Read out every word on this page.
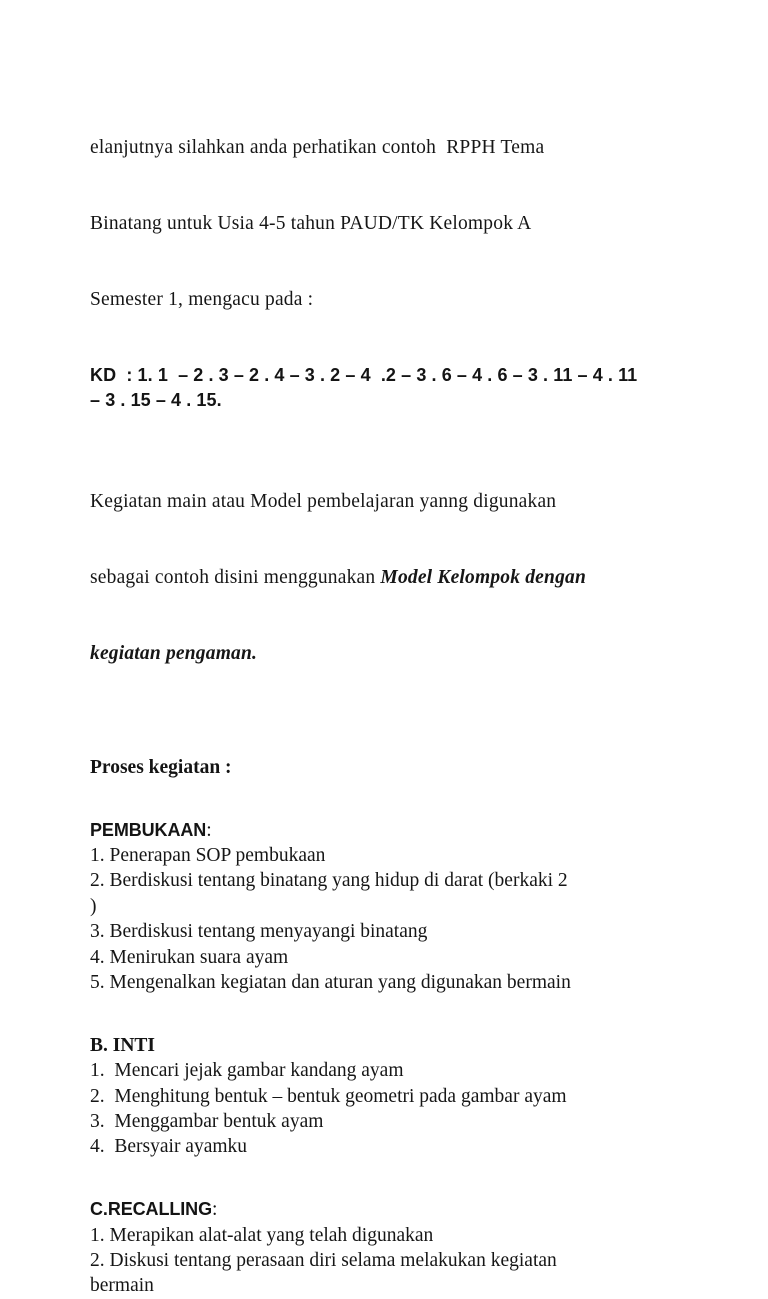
elanjutnya silahkan anda perhatikan contoh  RPPH Tema

Binatang untuk Usia 4-5 tahun PAUD/TK Kelompok A

Semester 1, mengacu pada :

KD  : 1. 1  – 2 . 3 – 2 . 4 – 3 . 2 – 4  .2 – 3 . 6 – 4 . 6 – 3 . 11 – 4 . 11
– 3 . 15 – 4 . 15.

Kegiatan main atau Model pembelajaran yanng digunakan

sebagai contoh disini menggunakan Model Kelompok dengan

kegiatan pengaman.

Proses kegiatan :
PEMBUKAAN:
1. Penerapan SOP pembukaan
2. Berdiskusi tentang binatang yang hidup di darat (berkaki 2
)
3. Berdiskusi tentang menyayangi binatang
4. Menirukan suara ayam
5. Mengenalkan kegiatan dan aturan yang digunakan bermain
B. INTI
1.  Mencari jejak gambar kandang ayam
2.  Menghitung bentuk – bentuk geometri pada gambar ayam
3.  Menggambar bentuk ayam
4.  Bersyair ayamku
C.RECALLING:
1. Merapikan alat-alat yang telah digunakan
2. Diskusi tentang perasaan diri selama melakukan kegiatan
bermain
